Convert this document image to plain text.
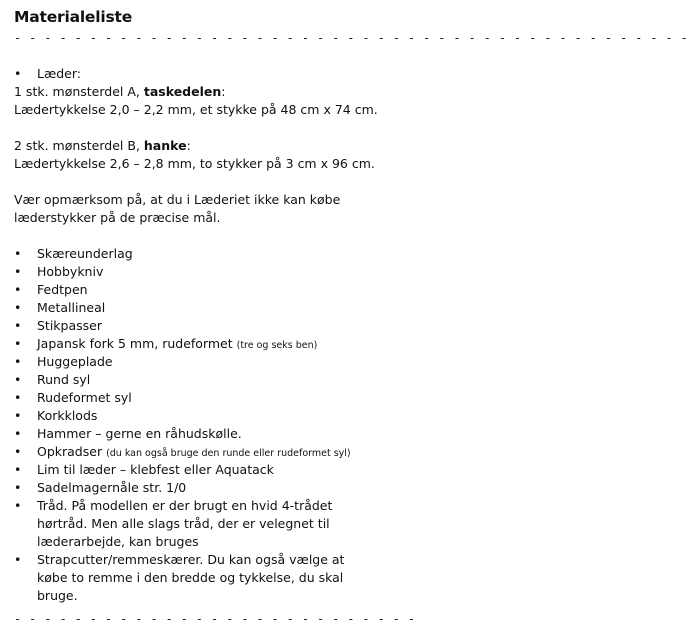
Materialeliste
- - - - - - - - - - - - - - - - - - - - - - - - - - - - - - - - - - - - - - - - - - - - -
• Læder:
1 stk. mønsterdel A, taskedelen:
Lædertykkelse 2,0 – 2,2 mm, et stykke på 48 cm x 74 cm.
2 stk. mønsterdel B, hanke:
Lædertykkelse 2,6 – 2,8 mm, to stykker på 3 cm x 96 cm.
Vær opmærksom på, at du i Læderiet ikke kan købe
læderstykker på de præcise mål.
• Skæreunderlag
• Hobbykniv
• Fedtpen
• Metallineal
• Stikpasser
• Japansk fork 5 mm, rudeformet (tre og seks ben)
• Huggeplade
• Rund syl
• Rudeformet syl
• Korkklods
• Hammer – gerne en råhudskølle.
• Opkradser (du kan også bruge den runde eller rudeformet syl)
• Lim til læder – klebfest eller Aquatack
• Sadelmagernåle str. 1/0
• Tråd. På modellen er der brugt en hvid 4-trådet
hørtråd. Men alle slags tråd, der er velegnet til
læderarbejde, kan bruges
• Strapcutter/remmeskærer. Du kan også vælge at
købe to remme i den bredde og tykkelse, du skal
bruge.
- - - - - - - - - - - - - - - - - - - - - - - - - - -
